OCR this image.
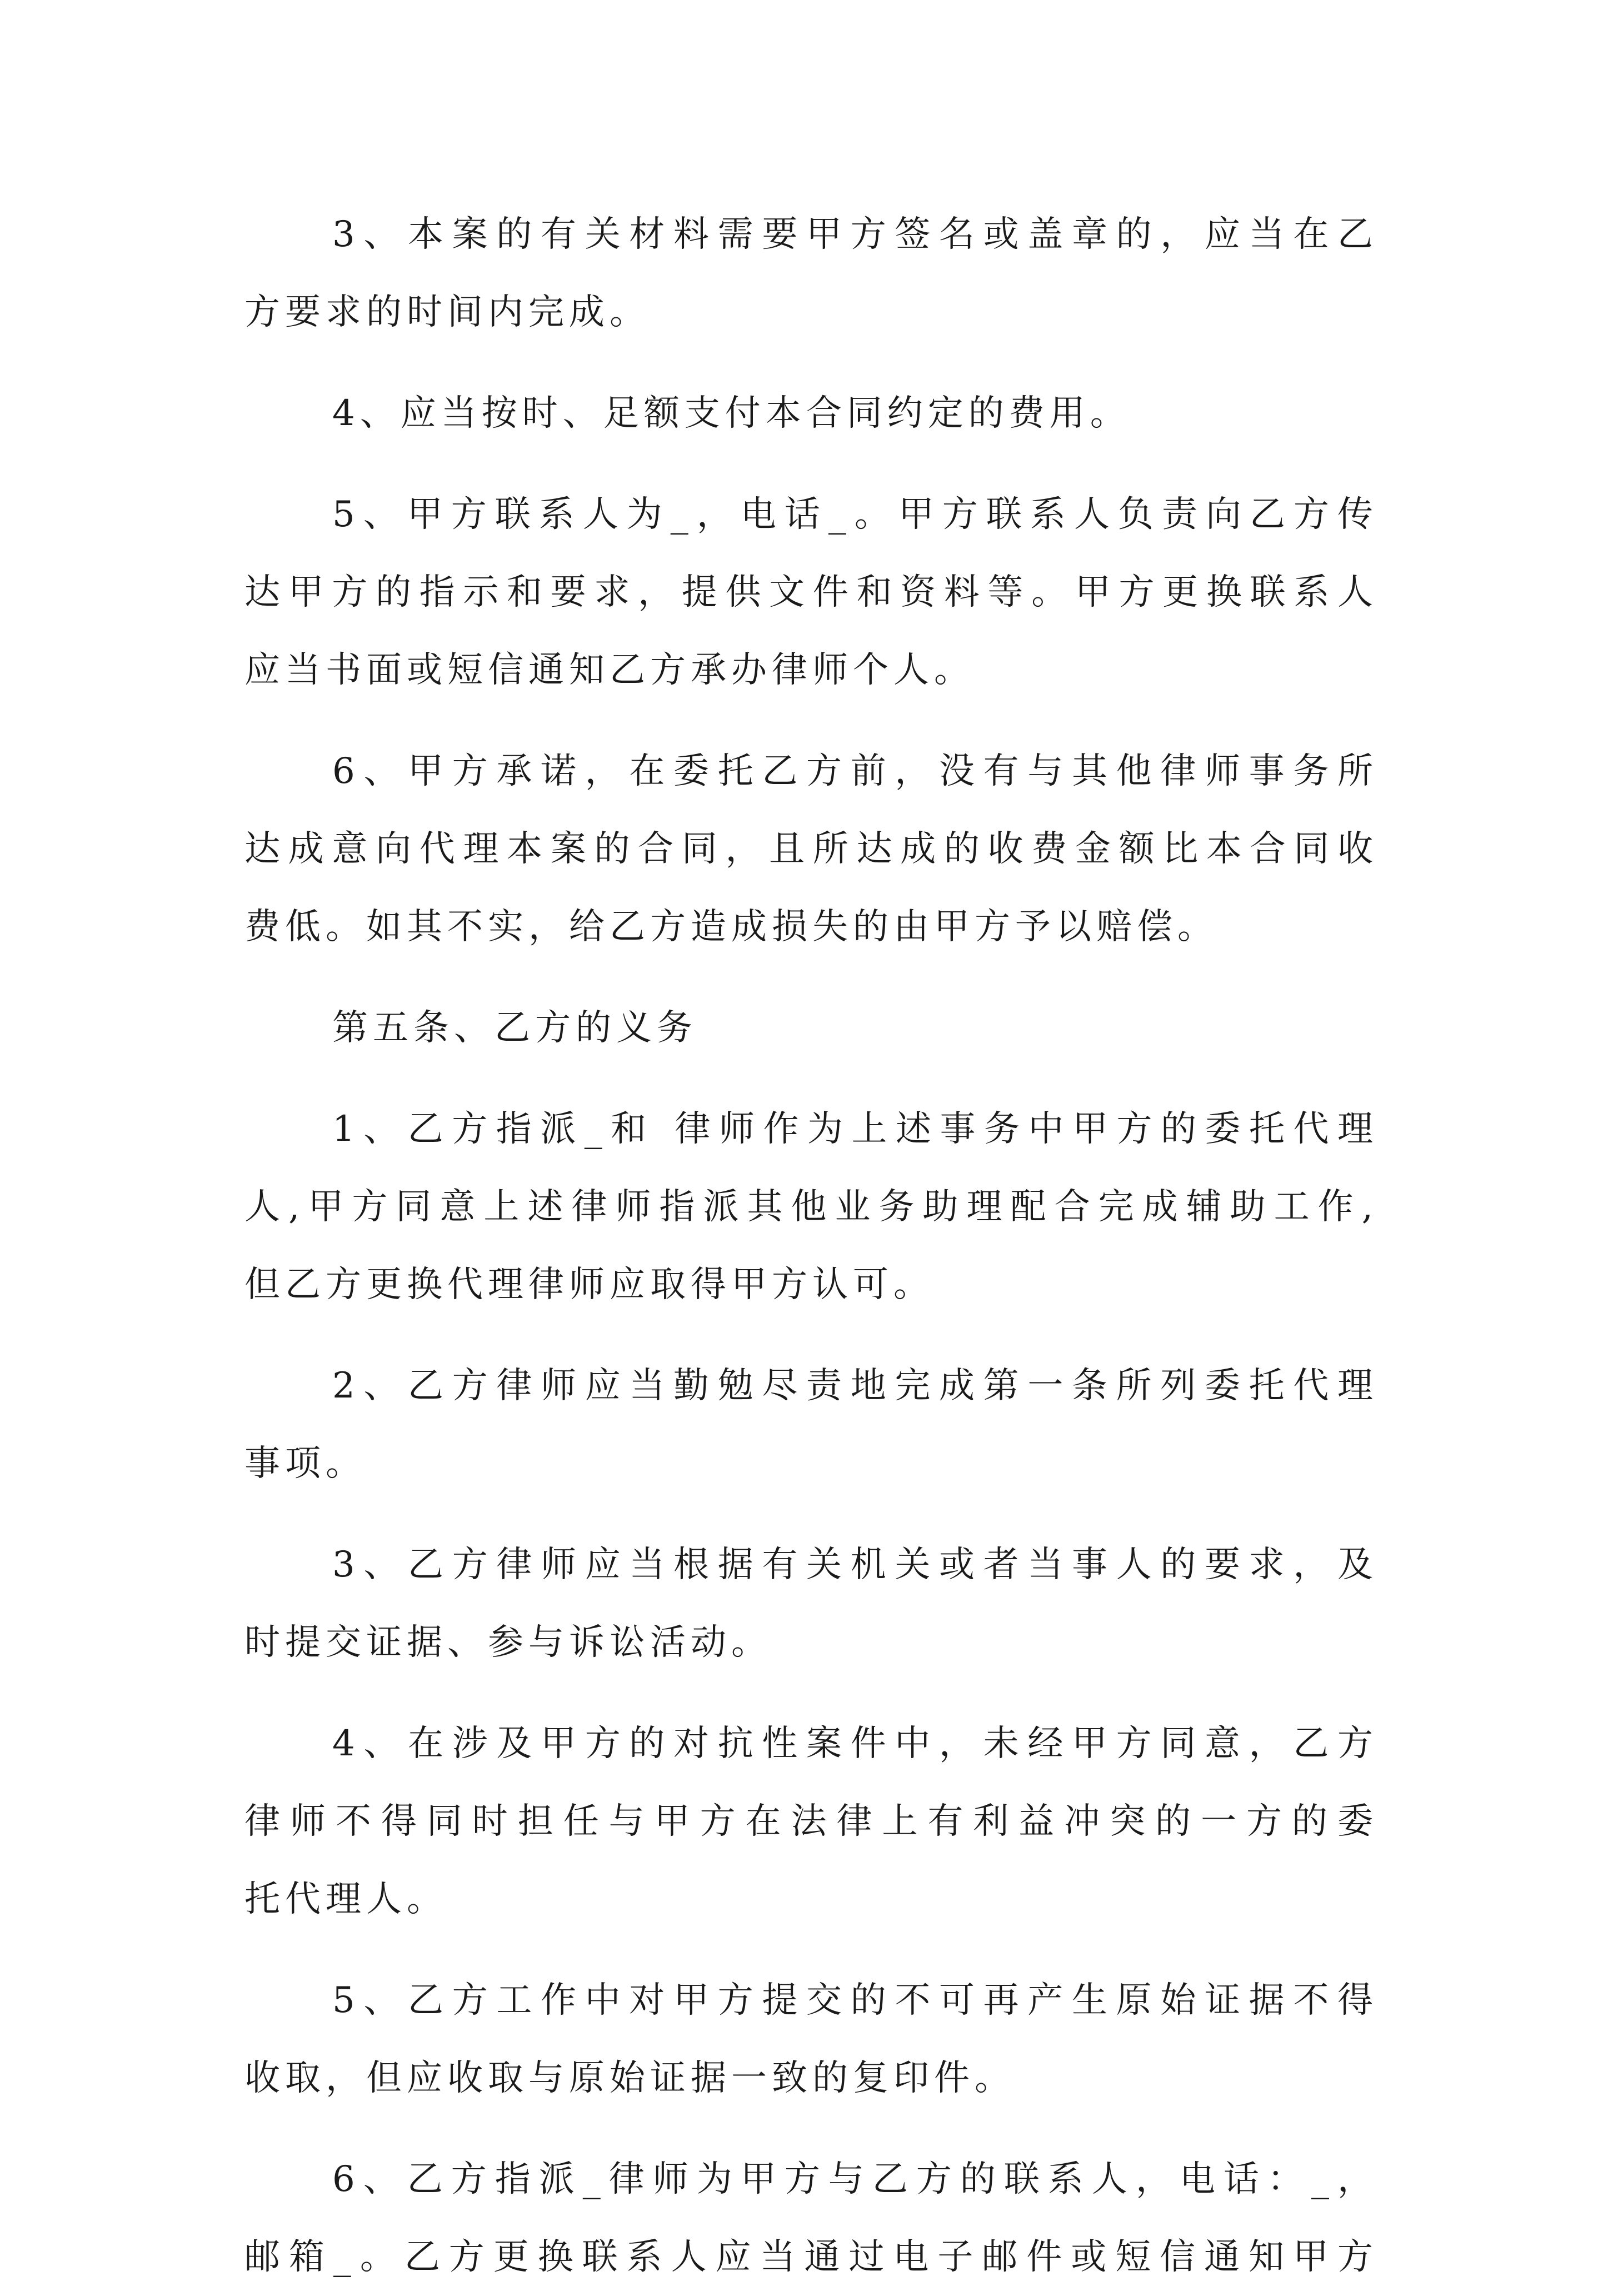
3、本案的有关材料需要甲方签名或盖章的，应当在乙
方要求的时间内完成。
4、应当按时、足额支付本合同约定的费用。
5、甲方联系人为_，电话_。甲方联系人负责向乙方传
达甲方的指示和要求，提供文件和资料等。甲方更换联系人
应当书面或短信通知乙方承办律师个人。
6、甲方承诺，在委托乙方前，没有与其他律师事务所
达成意向代理本案的合同，且所达成的收费金额比本合同收
费低。如其不实，给乙方造成损失的由甲方予以赔偿。
第五条、乙方的义务
1、乙方指派_和 律师作为上述事务中甲方的委托代理
人,甲方同意上述律师指派其他业务助理配合完成辅助工作,
但乙方更换代理律师应取得甲方认可。
2、乙方律师应当勤勉尽责地完成第一条所列委托代理
事项。
3、乙方律师应当根据有关机关或者当事人的要求，及
时提交证据、参与诉讼活动。
4、在涉及甲方的对抗性案件中，未经甲方同意，乙方
律师不得同时担任与甲方在法律上有利益冲突的一方的委
托代理人。
5、乙方工作中对甲方提交的不可再产生原始证据不得
收取，但应收取与原始证据一致的复印件。
6、乙方指派_律师为甲方与乙方的联系人，电话：_，
邮箱_。乙方更换联系人应当通过电子邮件或短信通知甲方
